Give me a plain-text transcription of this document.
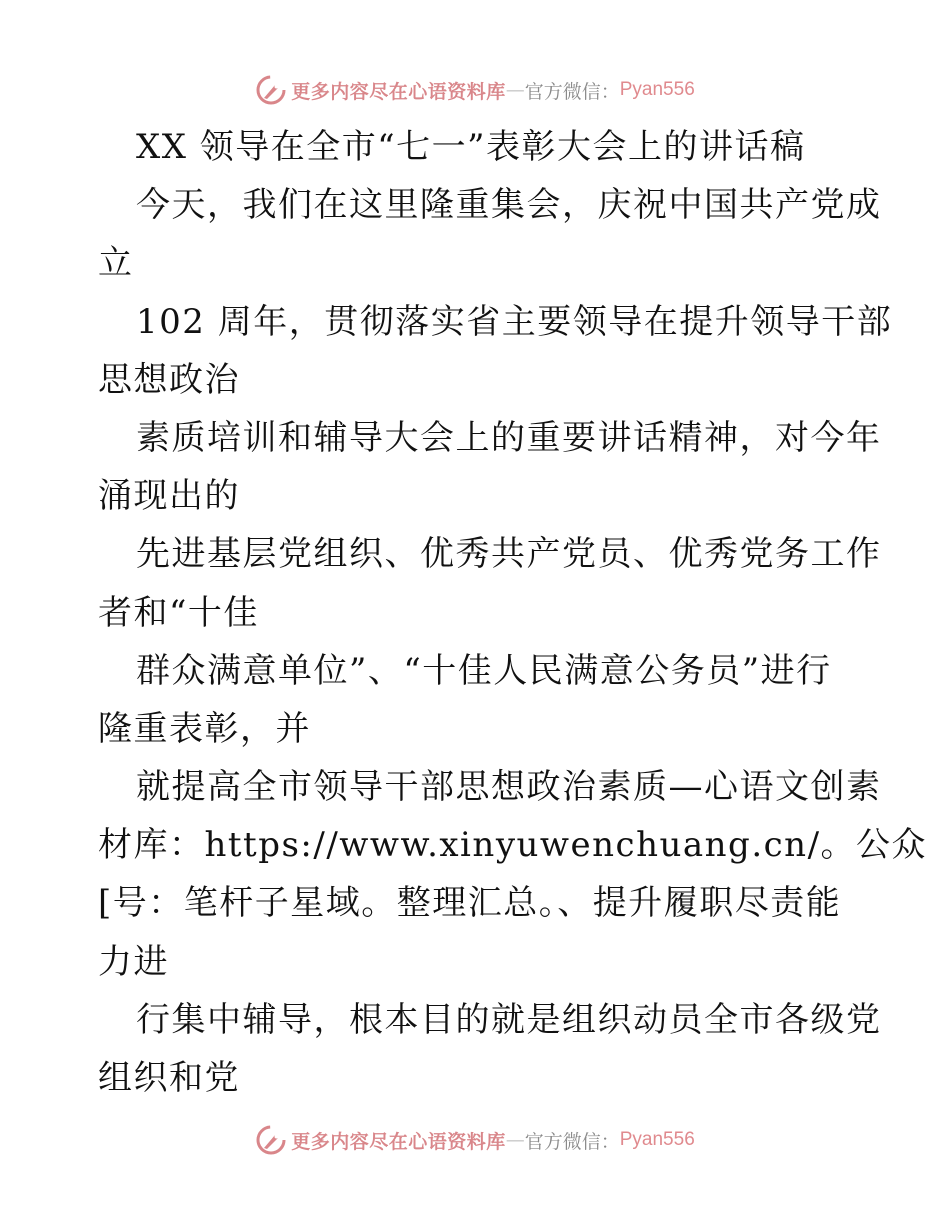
更多内容尽在心语资料库 — 官方微信： Pyan556
XX 领导在全市“七一”表彰大会上的讲话稿
今天，我们在这里隆重集会，庆祝中国共产党成
立
102 周年，贯彻落实省主要领导在提升领导干部
思想政治
素质培训和辅导大会上的重要讲话精神，对今年
涌现出的
先进基层党组织、优秀共产党员、优秀党务工作
者和“十佳
群众满意单位”、“十佳人民满意公务员”进行
隆重表彰，并
就提高全市领导干部思想政治素质—心语文创素
材库：https://www.xinyuwenchuang.cn/。公众
[号：笔杆子星域。整理汇总。、提升履职尽责能
力进
行集中辅导，根本目的就是组织动员全市各级党
组织和党
更多内容尽在心语资料库 — 官方微信： Pyan556
